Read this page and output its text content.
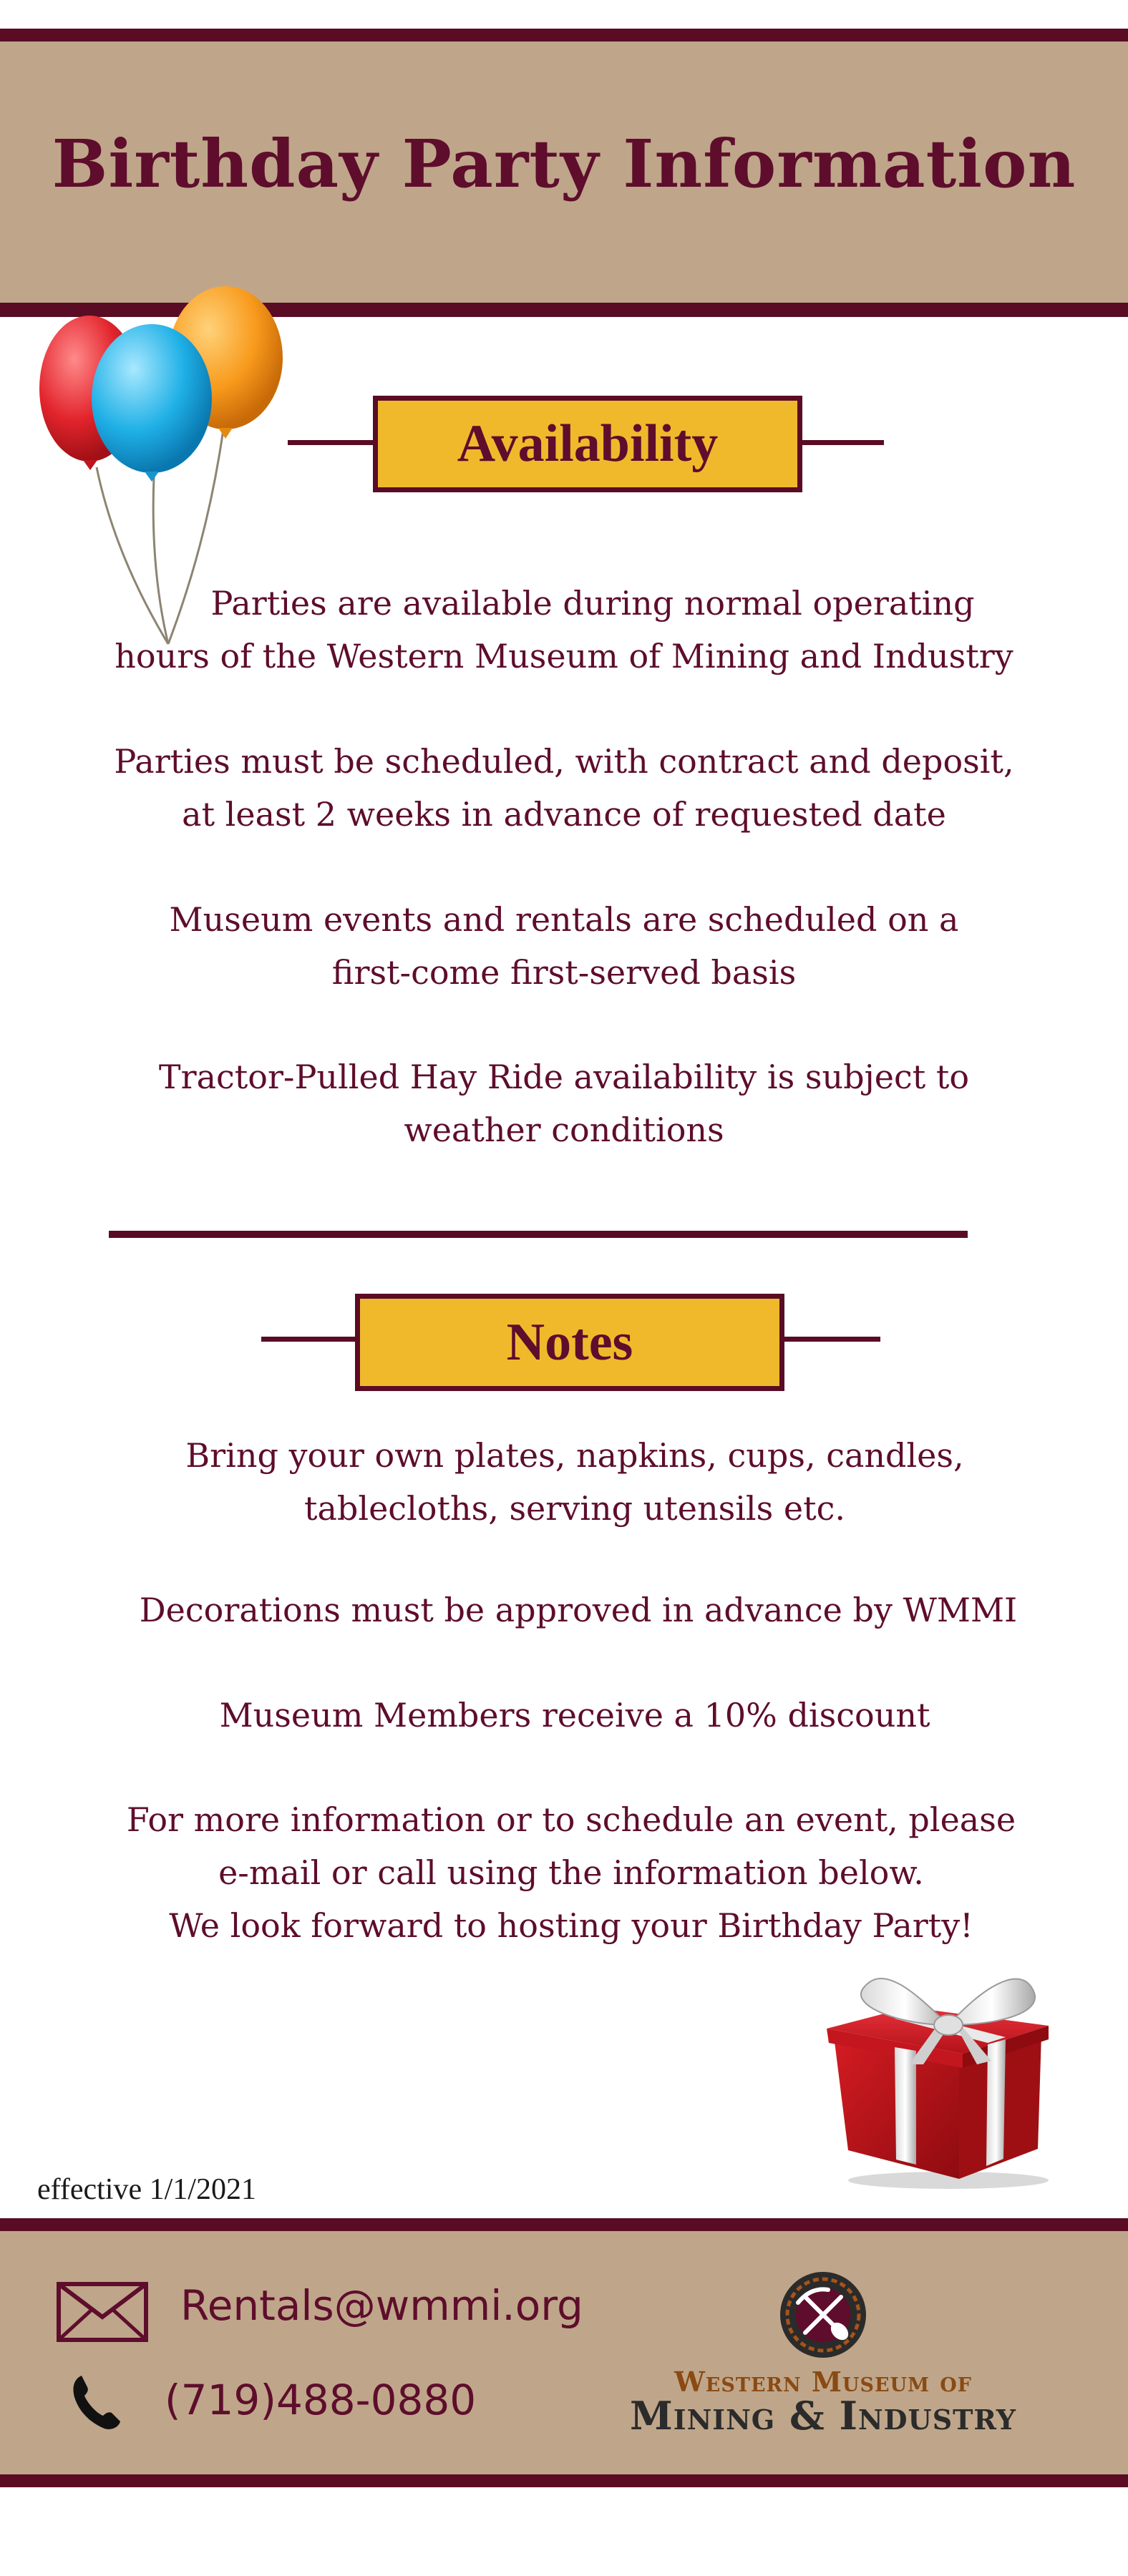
Birthday Party Information
Availability
Parties are available during normal operating
hours of the Western Museum of Mining and Industry
Parties must be scheduled, with contract and deposit,
at least 2 weeks in advance of requested date
Museum events and rentals are scheduled on a
first-come first-served basis
Tractor-Pulled Hay Ride availability is subject to
weather conditions
Notes
Bring your own plates, napkins, cups, candles,
tablecloths, serving utensils etc.
Decorations must be approved in advance by WMMI
Museum Members receive a 10% discount
For more information or to schedule an event, please
e-mail or call using the information below.
We look forward to hosting your Birthday Party!
effective 1/1/2021
Rentals@wmmi.org
(719)488-0880	Western Museum of
Mining & Industry
